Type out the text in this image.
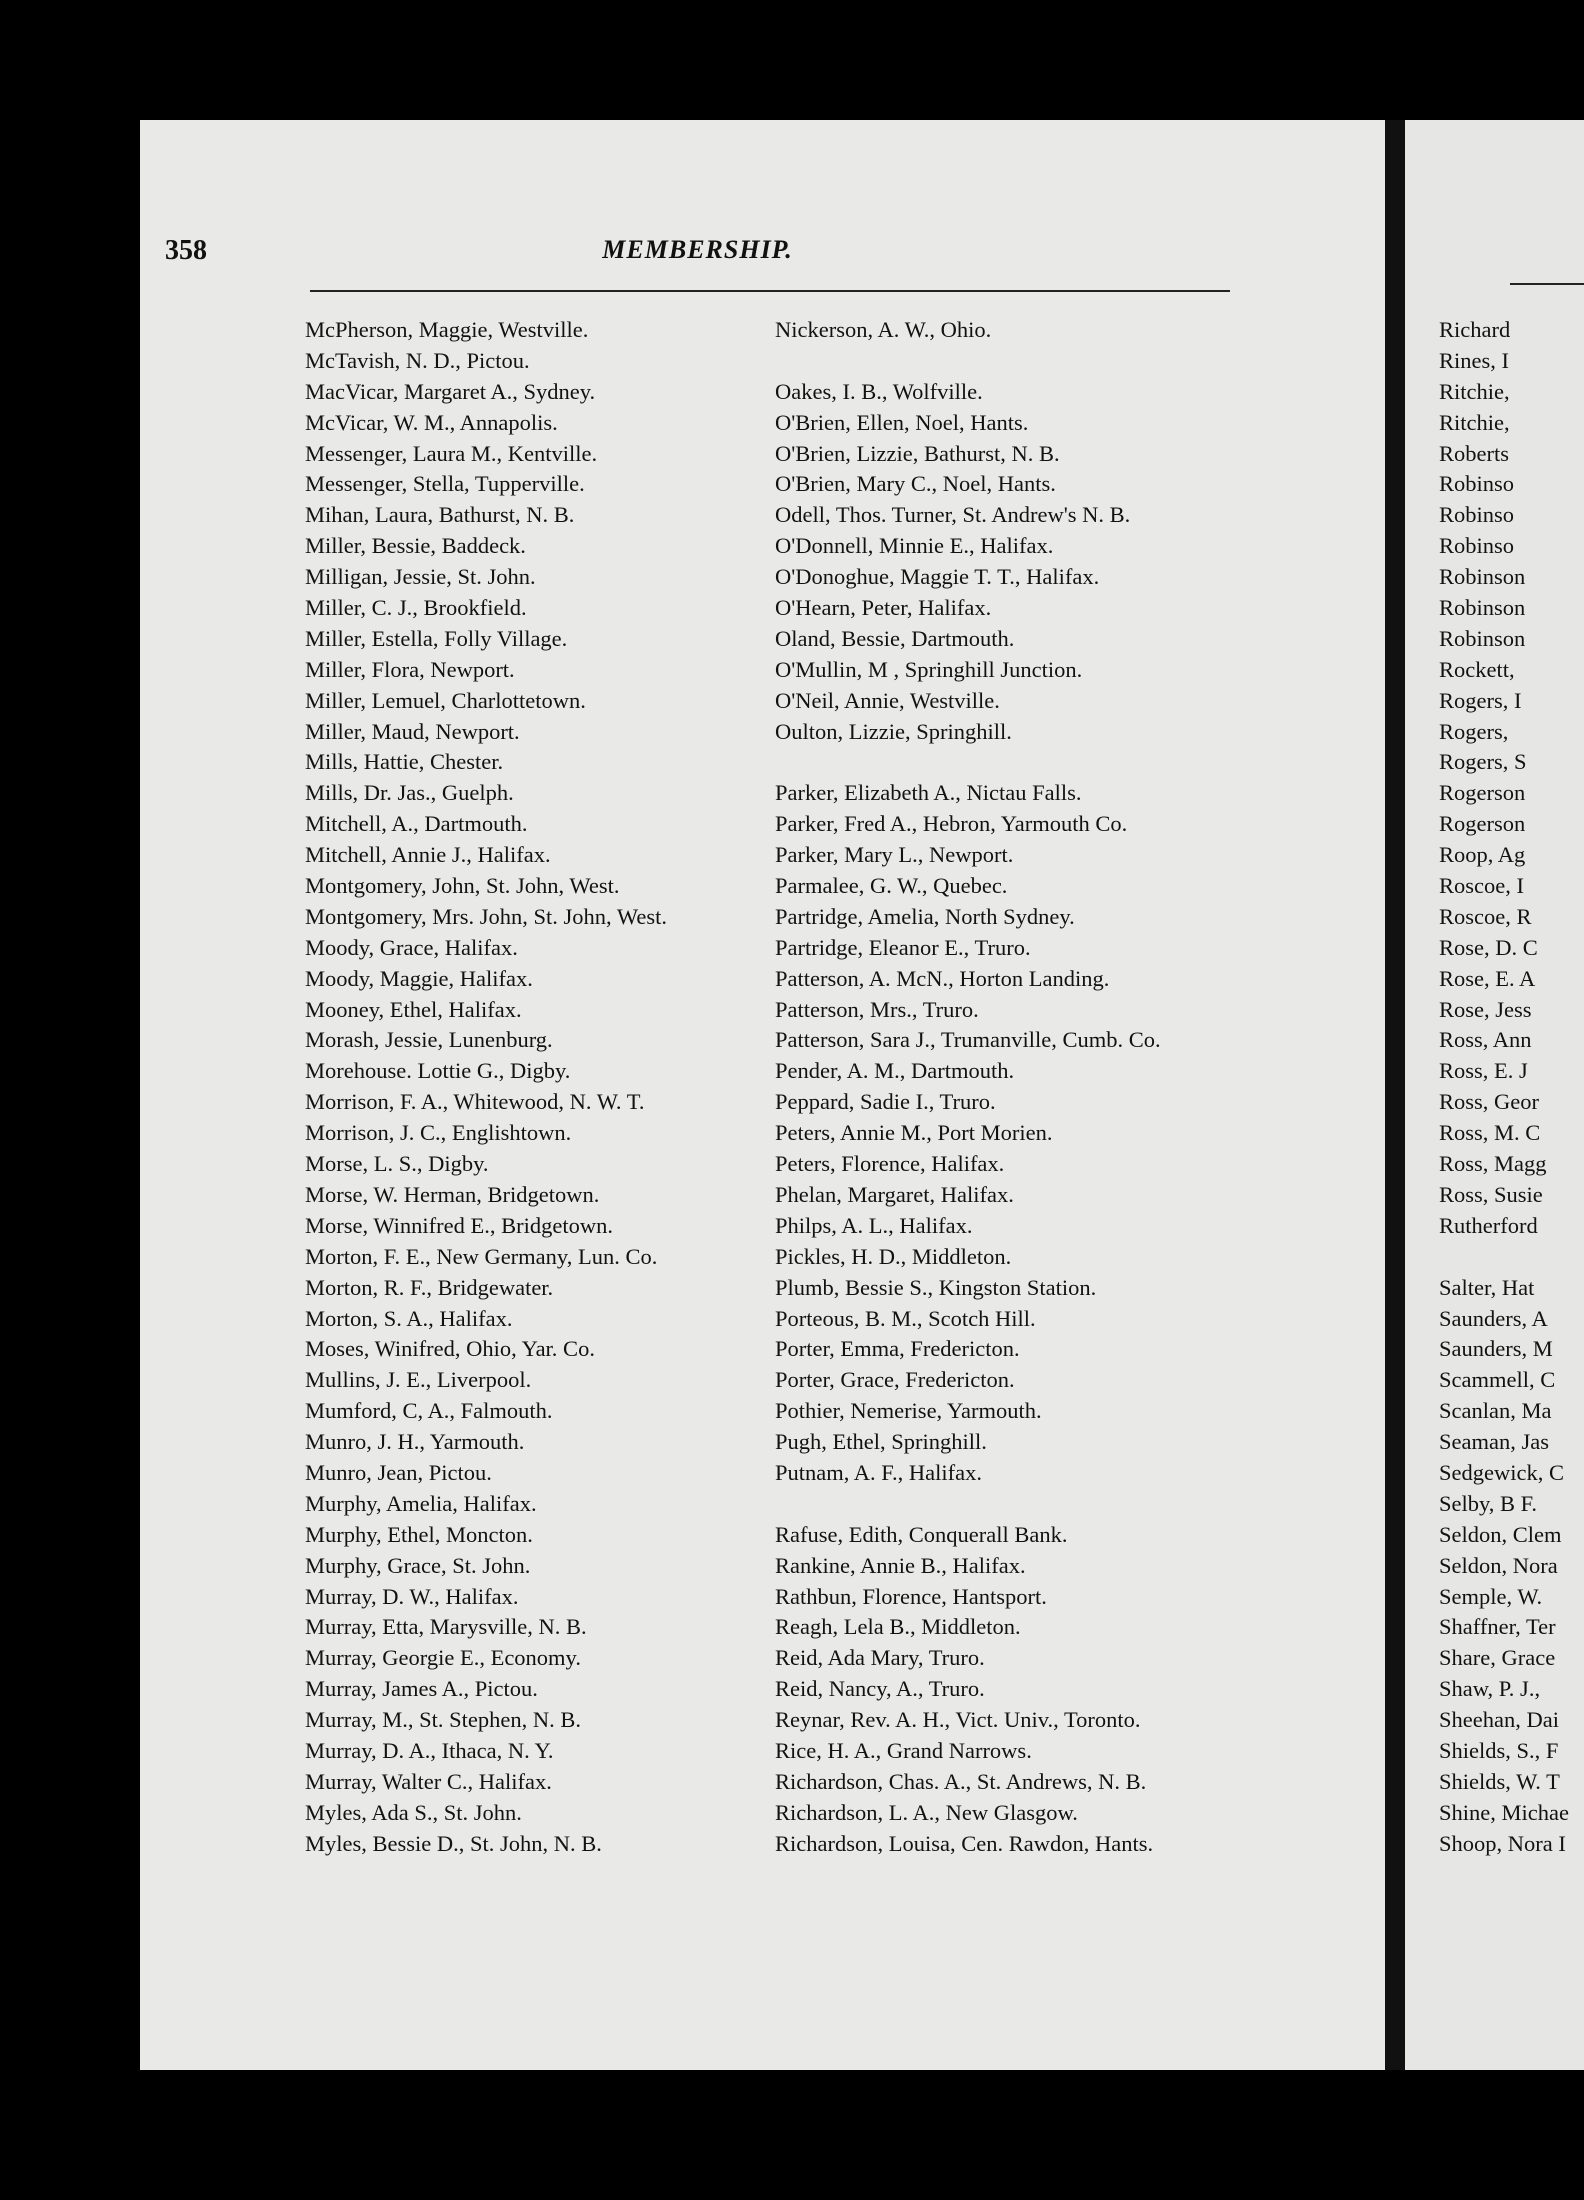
Richard
Rines, I
Ritchie,
Ritchie,
Roberts
Robinso
Robinso
Robinso
Robinson
Robinson
Robinson
Rockett,
Rogers, I
Rogers,
Rogers, S
Rogerson
Rogerson
Roop, Ag
Roscoe, I
Roscoe, R
Rose, D. C
Rose, E. A
Rose, Jess
Ross, Ann
Ross, E. J
Ross, Geor
Ross, M. C
Ross, Magg
Ross, Susie
Rutherford
Salter, Hat
Saunders, A
Saunders, M
Scammell, C
Scanlan, Ma
Seaman, Jas
Sedgewick, C
Selby, B F.
Seldon, Clem
Seldon, Nora
Semple, W.
Shaffner, Ter
Share, Grace
Shaw, P. J.,
Sheehan, Dai
Shields, S., F
Shields, W. T
Shine, Michae
Shoop, Nora I
358	MEMBERSHIP.
McPherson, Maggie, Westville.
McTavish, N. D., Pictou.
MacVicar, Margaret A., Sydney.
McVicar, W. M., Annapolis.
Messenger, Laura M., Kentville.
Messenger, Stella, Tupperville.
Mihan, Laura, Bathurst, N. B.
Miller, Bessie, Baddeck.
Milligan, Jessie, St. John.
Miller, C. J., Brookfield.
Miller, Estella, Folly Village.
Miller, Flora, Newport.
Miller, Lemuel, Charlottetown.
Miller, Maud, Newport.
Mills, Hattie, Chester.
Mills, Dr. Jas., Guelph.
Mitchell, A., Dartmouth.
Mitchell, Annie J., Halifax.
Montgomery, John, St. John, West.
Montgomery, Mrs. John, St. John, West.
Moody, Grace, Halifax.
Moody, Maggie, Halifax.
Mooney, Ethel, Halifax.
Morash, Jessie, Lunenburg.
Morehouse. Lottie G., Digby.
Morrison, F. A., Whitewood, N. W. T.
Morrison, J. C., Englishtown.
Morse, L. S., Digby.
Morse, W. Herman, Bridgetown.
Morse, Winnifred E., Bridgetown.
Morton, F. E., New Germany, Lun. Co.
Morton, R. F., Bridgewater.
Morton, S. A., Halifax.
Moses, Winifred, Ohio, Yar. Co.
Mullins, J. E., Liverpool.
Mumford, C, A., Falmouth.
Munro, J. H., Yarmouth.
Munro, Jean, Pictou.
Murphy, Amelia, Halifax.
Murphy, Ethel, Moncton.
Murphy, Grace, St. John.
Murray, D. W., Halifax.
Murray, Etta, Marysville, N. B.
Murray, Georgie E., Economy.
Murray, James A., Pictou.
Murray, M., St. Stephen, N. B.
Murray, D. A., Ithaca, N. Y.
Murray, Walter C., Halifax.
Myles, Ada S., St. John.
Myles, Bessie D., St. John, N. B.
Nickerson, A. W., Ohio.
Oakes, I. B., Wolfville.
O'Brien, Ellen, Noel, Hants.
O'Brien, Lizzie, Bathurst, N. B.
O'Brien, Mary C., Noel, Hants.
Odell, Thos. Turner, St. Andrew's N. B.
O'Donnell, Minnie E., Halifax.
O'Donoghue, Maggie T. T., Halifax.
O'Hearn, Peter, Halifax.
Oland, Bessie, Dartmouth.
O'Mullin, M , Springhill Junction.
O'Neil, Annie, Westville.
Oulton, Lizzie, Springhill.
Parker, Elizabeth A., Nictau Falls.
Parker, Fred A., Hebron, Yarmouth Co.
Parker, Mary L., Newport.
Parmalee, G. W., Quebec.
Partridge, Amelia, North Sydney.
Partridge, Eleanor E., Truro.
Patterson, A. McN., Horton Landing.
Patterson, Mrs., Truro.
Patterson, Sara J., Trumanville, Cumb. Co.
Pender, A. M., Dartmouth.
Peppard, Sadie I., Truro.
Peters, Annie M., Port Morien.
Peters, Florence, Halifax.
Phelan, Margaret, Halifax.
Philps, A. L., Halifax.
Pickles, H. D., Middleton.
Plumb, Bessie S., Kingston Station.
Porteous, B. M., Scotch Hill.
Porter, Emma, Fredericton.
Porter, Grace, Fredericton.
Pothier, Nemerise, Yarmouth.
Pugh, Ethel, Springhill.
Putnam, A. F., Halifax.
Rafuse, Edith, Conquerall Bank.
Rankine, Annie B., Halifax.
Rathbun, Florence, Hantsport.
Reagh, Lela B., Middleton.
Reid, Ada Mary, Truro.
Reid, Nancy, A., Truro.
Reynar, Rev. A. H., Vict. Univ., Toronto.
Rice, H. A., Grand Narrows.
Richardson, Chas. A., St. Andrews, N. B.
Richardson, L. A., New Glasgow.
Richardson, Louisa, Cen. Rawdon, Hants.
